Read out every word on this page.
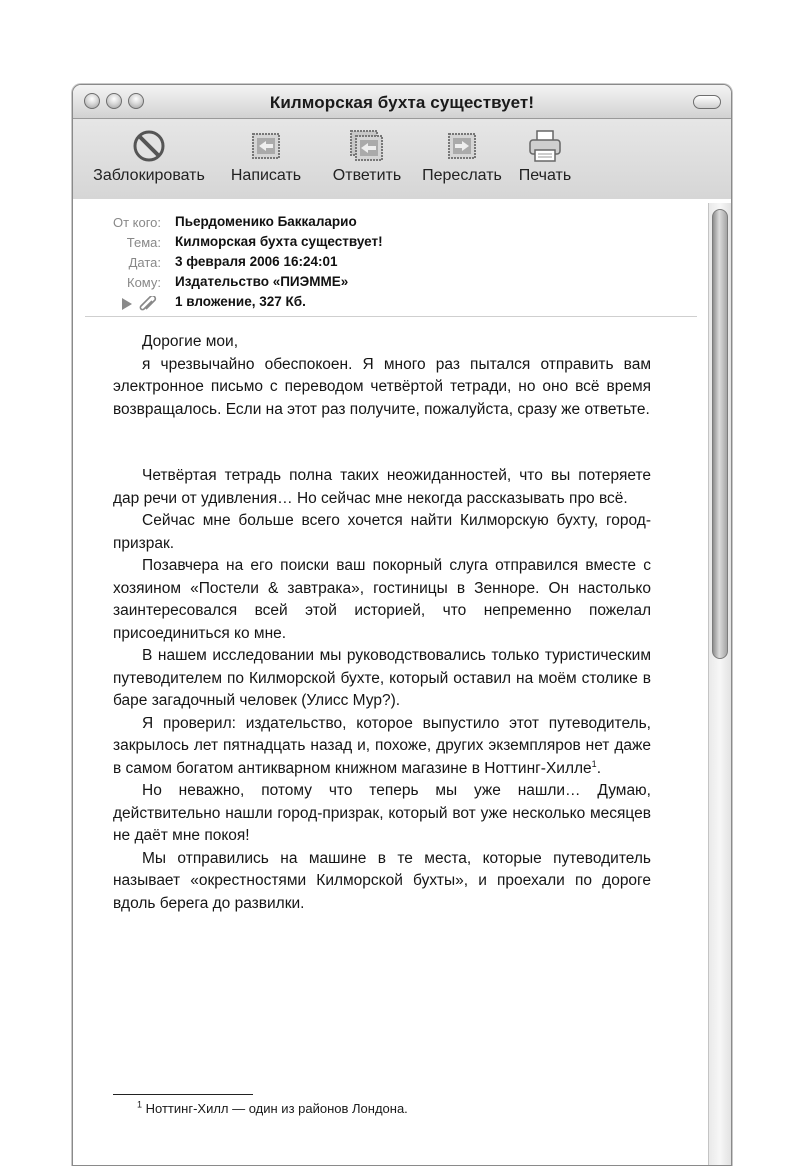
Килморская бухта существует!
Заблокировать	Написать	Ответить	Переслать	Печать
От кого: Пьердоменико Баккаларио
Тема: Килморская бухта существует!
Дата: 3 февраля 2006 16:24:01
Кому: Издательство «ПИЭММЕ»
1 вложение, 327 Кб.

Дорогие мои,

я чрезвычайно обеспокоен. Я много раз пытался отправить вам электронное письмо с переводом четвёртой тетради, но оно всё время возвращалось. Если на этот раз получите, пожалуйста, сразу же ответьте.

Четвёртая тетрадь полна таких неожиданностей, что вы потеряете дар речи от удивления… Но сейчас мне некогда рассказывать про всё.

Сейчас мне больше всего хочется найти Килморскую бухту, город-призрак.

Позавчера на его поиски ваш покорный слуга отправился вместе с хозяином «Постели & завтрака», гостиницы в Зенноре. Он настолько заинтересовался всей этой историей, что непременно пожелал присоединиться ко мне.

В нашем исследовании мы руководствовались только туристическим путеводителем по Килморской бухте, который оставил на моём столике в баре загадочный человек (Улисс Мур?).

Я проверил: издательство, которое выпустило этот путеводитель, закрылось лет пятнадцать назад и, похоже, других экземпляров нет даже в самом богатом антикварном книжном магазине в Ноттинг-Хилле$^1$.

Но неважно, потому что теперь мы уже нашли… Думаю, действительно нашли город-призрак, который вот уже несколько месяцев не даёт мне покоя!

Мы отправились на машине в те места, которые путеводитель называет «окрестностями Килморской бухты», и проехали по дороге вдоль берега до развилки.

$^1$ Ноттинг-Хилл — один из районов Лондона.
